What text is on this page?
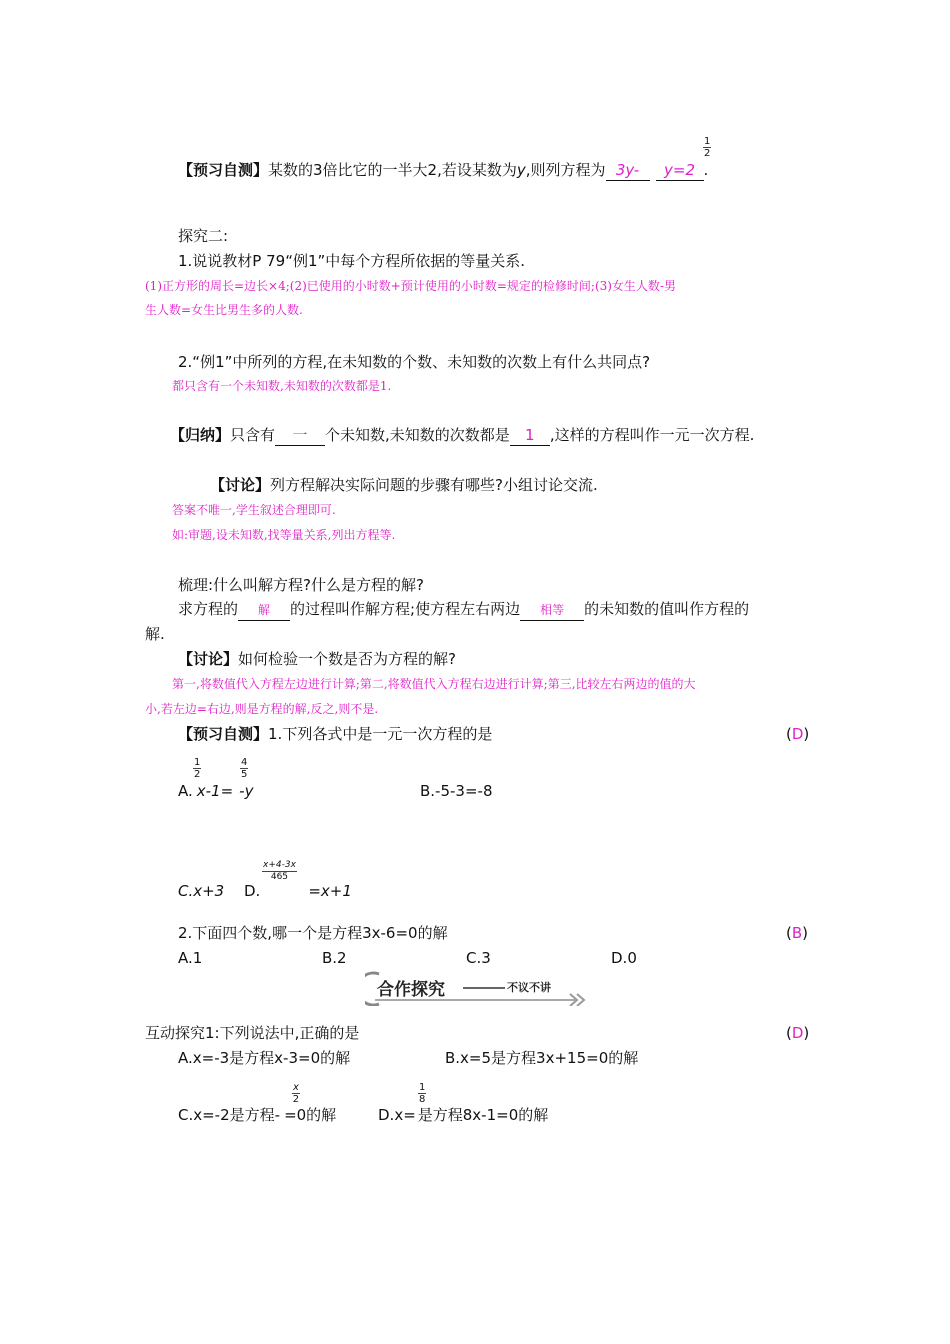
【预习自测】某数的3倍比它的一半大2,若设某数为y,则列方程为 3y- y=2 .
$\frac{1}{2}$
探究二:
1.说说教材P 79“例1”中每个方程所依据的等量关系.
(1)正方形的周长=边长×4;(2)已使用的小时数+预计使用的小时数=规定的检修时间;(3)女生人数-男
生人数=女生比男生多的人数.
2.“例1”中所列的方程,在未知数的个数、未知数的次数上有什么共同点?
都只含有一个未知数,未知数的次数都是1.
【归纳】只含有 一 个未知数,未知数的次数都是 1 ,这样的方程叫作一元一次方程.
【讨论】列方程解决实际问题的步骤有哪些?小组讨论交流.
答案不唯一,学生叙述合理即可.
如:审题,设未知数,找等量关系,列出方程等.
梳理:什么叫解方程?什么是方程的解?
求方程的 解 的过程叫作解方程;使方程左右两边 相等 的未知数的值叫作方程的
解.
【讨论】如何检验一个数是否为方程的解?
第一,将数值代入方程左边进行计算;第二,将数值代入方程右边进行计算;第三,比较左右两边的值的大
小,若左边=右边,则是方程的解,反之,则不是.
【预习自测】1.下列各式中是一元一次方程的是	(D)
A. x-1= -y
$\frac{1}{2}$	$\frac{4}{5}$
B.-5-3=-8
C.x+3 D.	=x+1
$\frac{x+4-3x}{465}$
2.下面四个数,哪一个是方程3x-6=0的解	(B)
A.1	B.2	C.3	D.0
合作探究	不议不讲
互动探究1:下列说法中,正确的是	(D)
A.x=-3是方程x-3=0的解	B.x=5是方程3x+15=0的解
C.x=-2是方程- =0的解
$\frac{x}{2}$
D.x= 是方程8x-1=0的解
$\frac{1}{8}$
